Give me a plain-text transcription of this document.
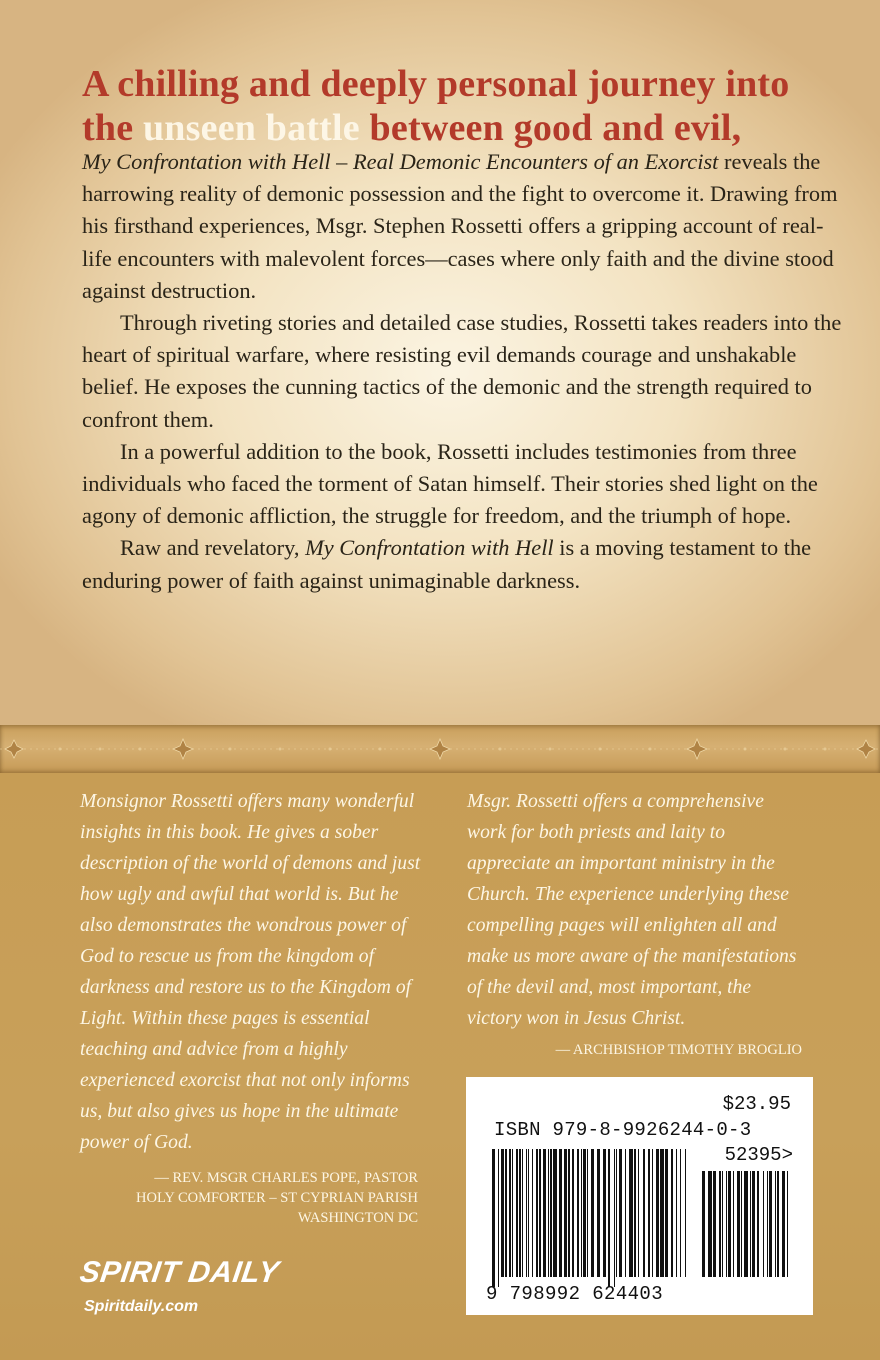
A chilling and deeply personal journey into
the unseen battle between good and evil,

My Confrontation with Hell – Real Demonic Encounters of an Exorcist reveals the harrowing reality of demonic possession and the fight to overcome it. Drawing from his firsthand experiences, Msgr. Stephen Rossetti offers a gripping account of real-life encounters with malevolent forces—cases where only faith and the divine stood against destruction.

Through riveting stories and detailed case studies, Rossetti takes readers into the heart of spiritual warfare, where resisting evil demands courage and unshakable belief. He exposes the cunning tactics of the demonic and the strength required to confront them.

In a powerful addition to the book, Rossetti includes testimonies from three individuals who faced the torment of Satan himself. Their stories shed light on the agony of demonic affliction, the struggle for freedom, and the triumph of hope.

Raw and revelatory, My Confrontation with Hell is a moving testament to the enduring power of faith against unimaginable darkness.

Monsignor Rossetti offers many wonderful insights in this book. He gives a sober description of the world of demons and just how ugly and awful that world is. But he also demonstrates the wondrous power of God to rescue us from the kingdom of darkness and restore us to the Kingdom of Light. Within these pages is essential teaching and advice from a highly experienced exorcist that not only informs us, but also gives us hope in the ultimate power of God.
— REV. MSGR CHARLES POPE, PASTOR
HOLY COMFORTER – ST CYPRIAN PARISH
WASHINGTON DC
Msgr. Rossetti offers a comprehensive work for both priests and laity to appreciate an important ministry in the Church. The experience underlying these compelling pages will enlighten all and make us more aware of the manifestations of the devil and, most important, the victory won in Jesus Christ.
— ARCHBISHOP TIMOTHY BROGLIO
SPIRIT DAILY
Spiritdaily.com
$23.95
ISBN 979-8-9926244-0-3
52395>
9 798992 624403
